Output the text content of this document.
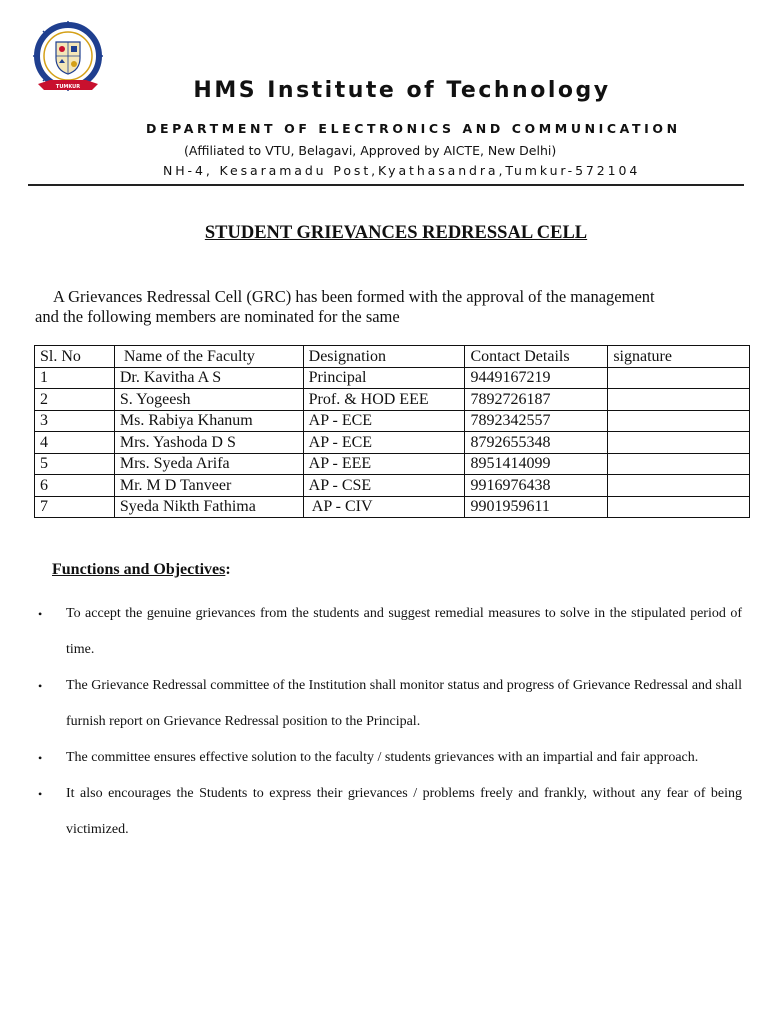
TUMKUR	HMS Institute of Technology
DEPARTMENT OF ELECTRONICS AND COMMUNICATION
(Affiliated to VTU, Belagavi, Approved by AICTE, New Delhi)
NH-4, Kesaramadu Post,Kyathasandra,Tumkur-572104
STUDENT GRIEVANCES REDRESSAL CELL
A Grievances Redressal Cell (GRC) has been formed with the approval of the management
and the following members are nominated for the same
Sl. No	Name of the Faculty	Designation	Contact Details	signature
1	Dr. Kavitha A S	Principal	9449167219	
2	S. Yogeesh	Prof. & HOD EEE	7892726187	
3	Ms. Rabiya Khanum	AP - ECE	7892342557	
4	Mrs. Yashoda D S	AP - ECE	8792655348	
5	Mrs. Syeda Arifa	AP - EEE	8951414099	
6	Mr. M D Tanveer	AP - CSE	9916976438	
7	Syeda Nikth Fathima	AP - CIV	9901959611	
Functions and Objectives:
• To accept the genuine grievances from the students and suggest remedial measures to solve in the stipulated period of time.
• The Grievance Redressal committee of the Institution shall monitor status and progress of Grievance Redressal and shall furnish report on Grievance Redressal position to the Principal.
• The committee ensures effective solution to the faculty / students grievances with an impartial and fair approach.
• It also encourages the Students to express their grievances / problems freely and frankly, without any fear of being victimized.
